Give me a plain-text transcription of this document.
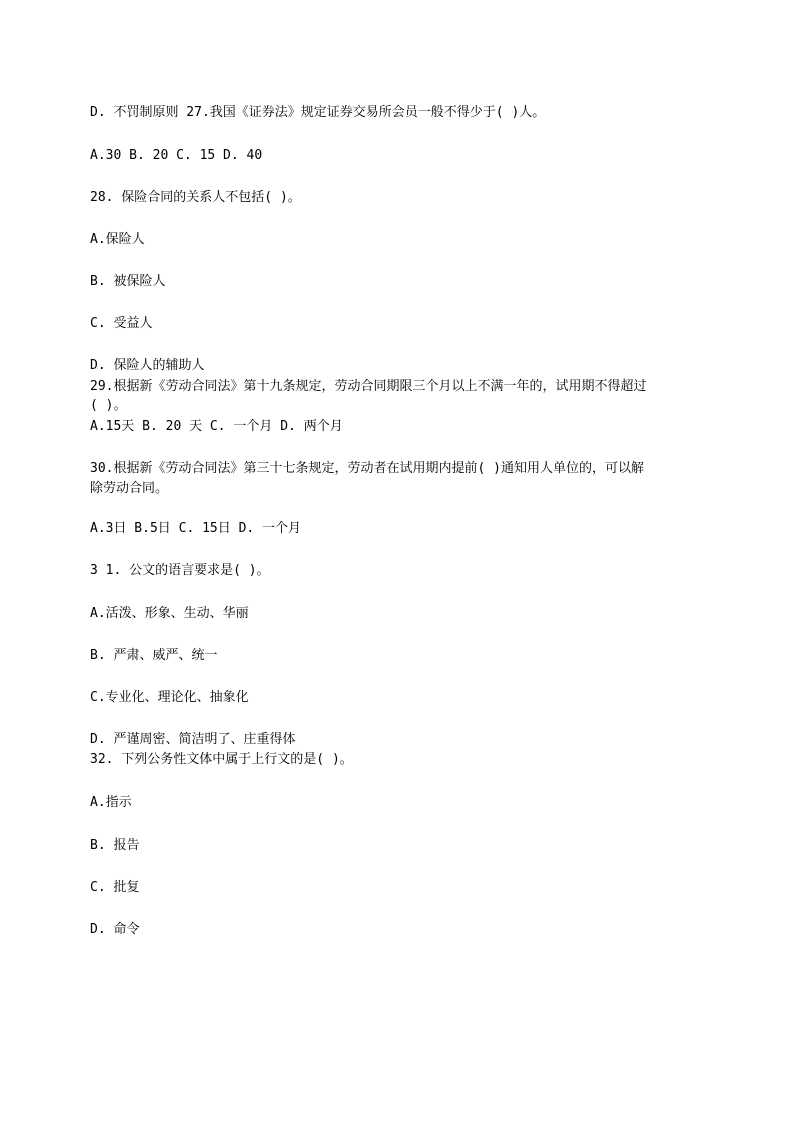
D. 不罚制原则 27.我国《证券法》规定证券交易所会员一般不得少于( )人。
A.30 B. 20 C. 15 D. 40
28. 保险合同的关系人不包括( )。
A.保险人
B. 被保险人
C. 受益人
D. 保险人的辅助人
29.根据新《劳动合同法》第十九条规定，劳动合同期限三个月以上不满一年的，试用期不得超过
( )。
A.15天 B. 20 天 C. 一个月 D. 两个月
30.根据新《劳动合同法》第三十七条规定，劳动者在试用期内提前( )通知用人单位的，可以解
除劳动合同。
A.3日 B.5日 C. 15日 D. 一个月
3 1. 公文的语言要求是( )。
A.活泼、形象、生动、华丽
B. 严肃、威严、统一
C.专业化、理论化、抽象化
D. 严谨周密、简洁明了、庄重得体
32. 下列公务性文体中属于上行文的是( )。
A.指示
B. 报告
C. 批复
D. 命令
